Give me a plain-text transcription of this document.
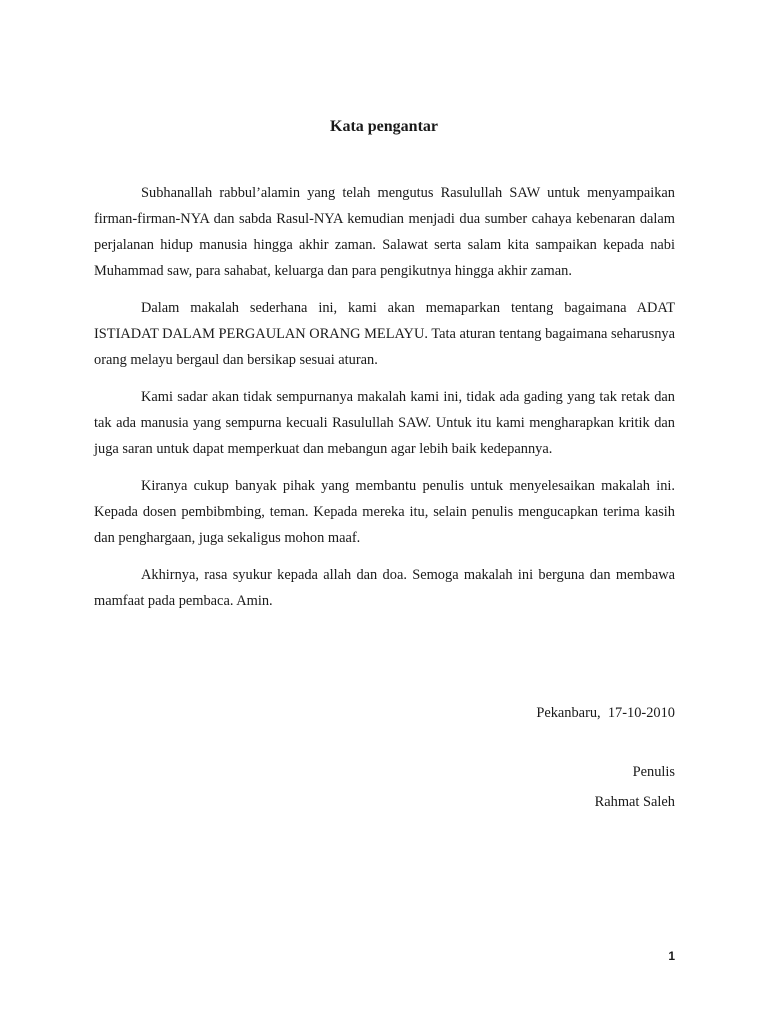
Kata pengantar

Subhanallah rabbul’alamin yang telah mengutus Rasulullah SAW untuk menyampaikan firman-firman-NYA dan sabda Rasul-NYA kemudian menjadi dua sumber cahaya kebenaran dalam perjalanan hidup manusia hingga akhir zaman. Salawat serta salam kita sampaikan kepada nabi Muhammad saw, para sahabat, keluarga dan para pengikutnya hingga akhir zaman.

Dalam makalah sederhana ini, kami akan memaparkan tentang bagaimana ADAT ISTIADAT DALAM PERGAULAN ORANG MELAYU. Tata aturan tentang bagaimana seharusnya orang melayu bergaul dan bersikap sesuai aturan.

Kami sadar akan tidak sempurnanya makalah kami ini, tidak ada gading yang tak retak dan tak ada manusia yang sempurna kecuali Rasulullah SAW. Untuk itu kami mengharapkan kritik dan juga saran untuk dapat memperkuat dan mebangun agar lebih baik kedepannya.

Kiranya cukup banyak pihak yang membantu penulis untuk menyelesaikan makalah ini. Kepada dosen pembibmbing, teman. Kepada mereka itu, selain penulis mengucapkan terima kasih dan penghargaan, juga sekaligus mohon maaf.

Akhirnya, rasa syukur kepada allah dan doa. Semoga makalah ini berguna dan membawa mamfaat pada pembaca. Amin.

Pekanbaru,  17-10-2010
Penulis
Rahmat Saleh
1
